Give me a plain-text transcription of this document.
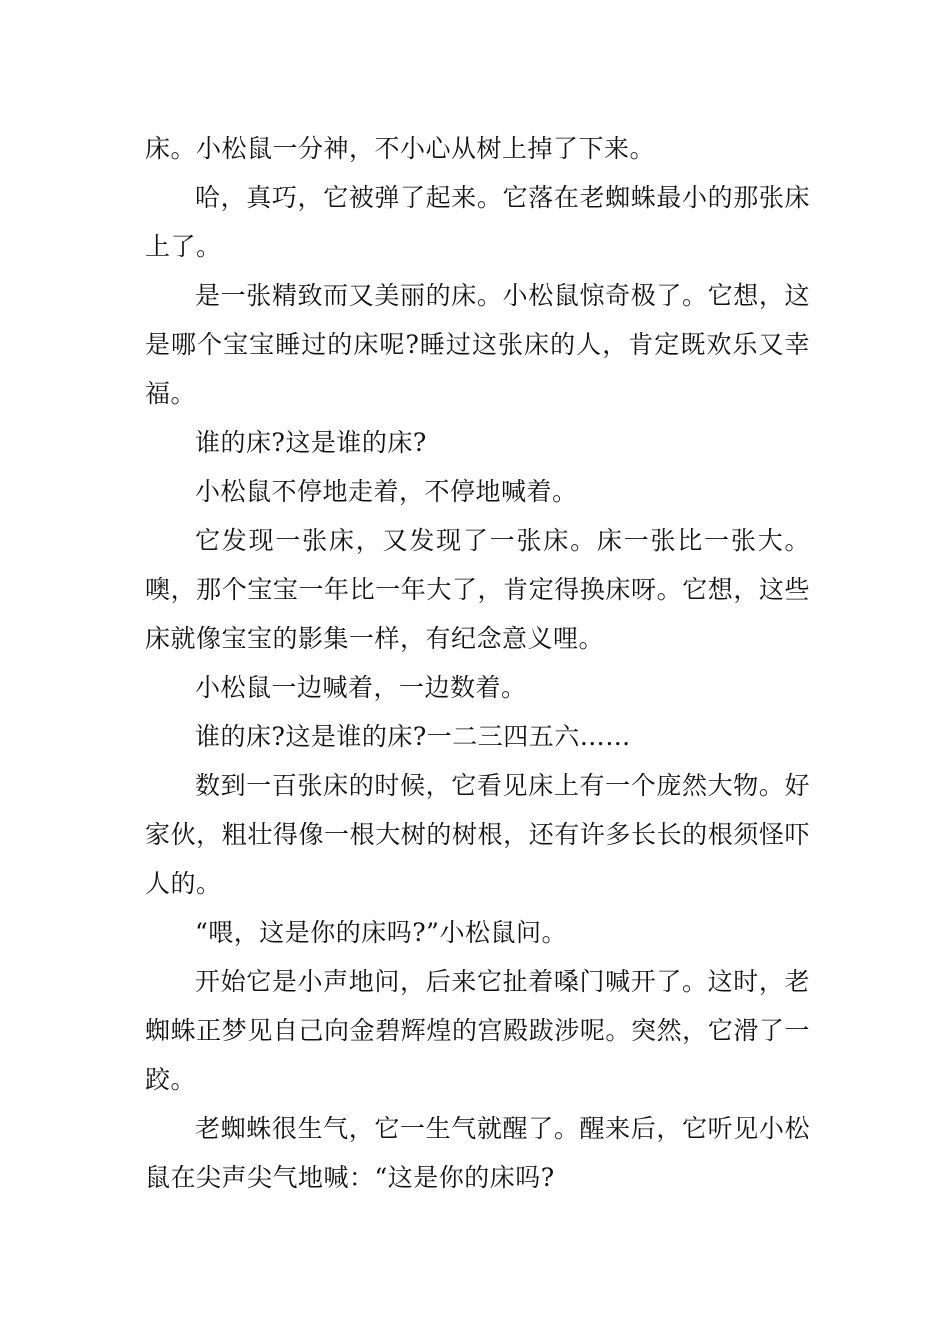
床。小松鼠一分神，不小心从树上掉了下来。

哈，真巧，它被弹了起来。它落在老蜘蛛最小的那张床上了。

是一张精致而又美丽的床。小松鼠惊奇极了。它想，这是哪个宝宝睡过的床呢?睡过这张床的人，肯定既欢乐又幸福。

谁的床?这是谁的床?

小松鼠不停地走着，不停地喊着。

它发现一张床，又发现了一张床。床一张比一张大。噢，那个宝宝一年比一年大了，肯定得换床呀。它想，这些床就像宝宝的影集一样，有纪念意义哩。

小松鼠一边喊着，一边数着。

谁的床?这是谁的床?一二三四五六……

数到一百张床的时候，它看见床上有一个庞然大物。好家伙，粗壮得像一根大树的树根，还有许多长长的根须怪吓人的。

“喂，这是你的床吗?”小松鼠问。

开始它是小声地问，后来它扯着嗓门喊开了。这时，老蜘蛛正梦见自己向金碧辉煌的宫殿跋涉呢。突然，它滑了一跤。

老蜘蛛很生气，它一生气就醒了。醒来后，它听见小松鼠在尖声尖气地喊：“这是你的床吗?
